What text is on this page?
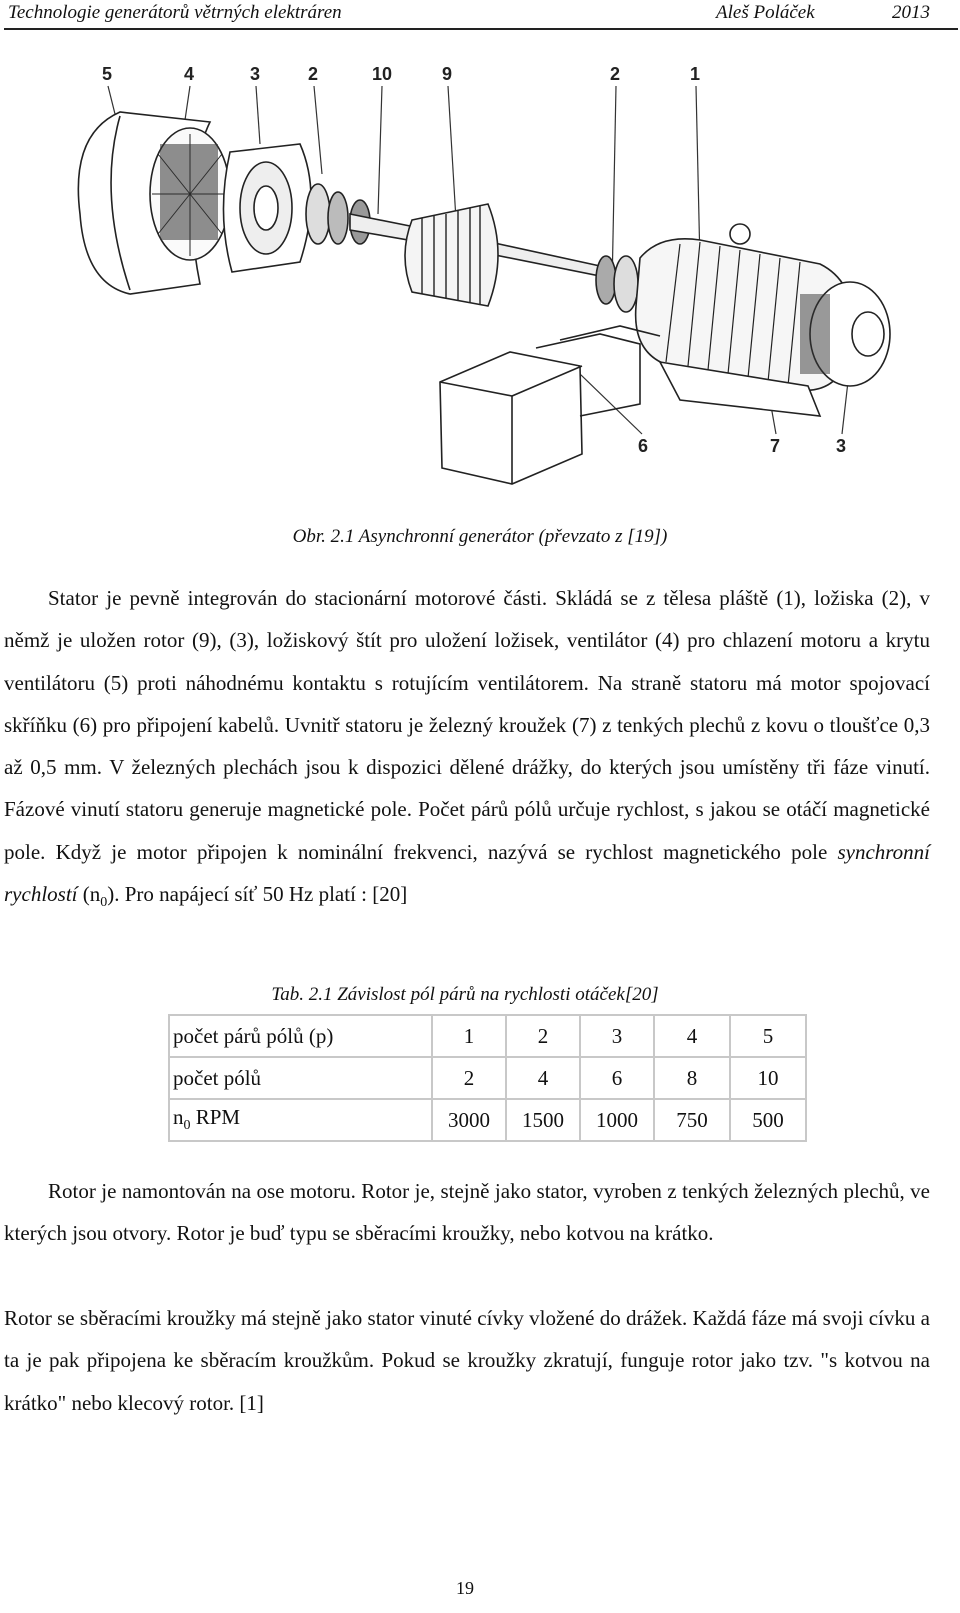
Technologie generátorů větrných elektráren	Aleš Poláček	2013
5	4	3	2	10	9	2	1
6	7	3
Obr. 2.1 Asynchronní generátor (převzato z [19])

Stator je pevně integrován do stacionární motorové části. Skládá se z tělesa pláště (1), ložiska (2), v němž je uložen rotor (9), (3), ložiskový štít pro uložení ložisek, ventilátor (4) pro chlazení motoru a krytu ventilátoru (5) proti náhodnému kontaktu s rotujícím ventilátorem. Na straně statoru má motor spojovací skříňku (6) pro připojení kabelů. Uvnitř statoru je železný kroužek (7) z tenkých plechů z kovu o tloušťce 0,3 až 0,5 mm. V železných plechách jsou k dispozici dělené drážky, do kterých jsou umístěny tři fáze vinutí. Fázové vinutí statoru generuje magnetické pole. Počet párů pólů určuje rychlost, s jakou se otáčí magnetické pole. Když je motor připojen k nominální frekvenci, nazývá se rychlost magnetického pole synchronní rychlostí $(n_0)$. Pro napájecí síť 50 Hz platí : [20]

Tab. 2.1 Závislost pól párů na rychlosti otáček[20]
počet párů pólů (p)	1	2	3	4	5
počet pólů	2	4	6	8	10
$n_0$ RPM	3000	1500	1000	750	500

Rotor je namontován na ose motoru. Rotor je, stejně jako stator, vyroben z tenkých železných plechů, ve kterých jsou otvory. Rotor je buď typu se sběracími kroužky, nebo kotvou na krátko.

Rotor se sběracími kroužky má stejně jako stator vinuté cívky vložené do drážek. Každá fáze má svoji cívku a ta je pak připojena ke sběracím kroužkům. Pokud se kroužky zkratují, funguje rotor jako tzv. "s kotvou na krátko" nebo klecový rotor. [1]

19
